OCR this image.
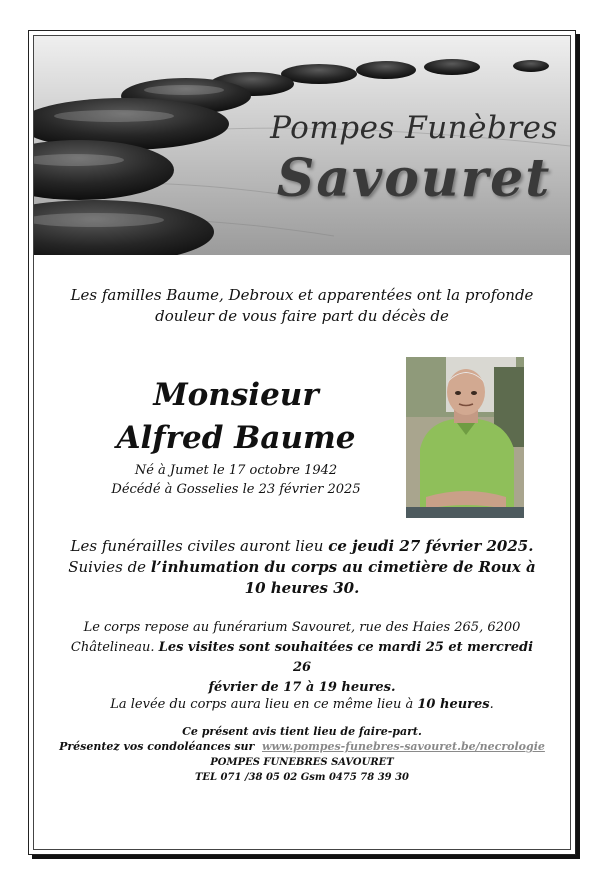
Pompes Funèbres
Savouret
Les familles Baume, Debroux et apparentées ont la profonde
douleur de vous faire part du décès de
Monsieur
Alfred Baume
Né à Jumet le 17 octobre 1942
Décédé à Gosselies le 23 février 2025
Les funérailles civiles auront lieu ce jeudi 27 février 2025.
Suivies de l’inhumation du corps au cimetière de Roux à
10 heures 30.
Le corps repose au funérarium Savouret, rue des Haies 265, 6200
Châtelineau. Les visites sont souhaitées ce mardi 25 et mercredi 26
février de 17 à 19 heures.
La levée du corps aura lieu en ce même lieu à 10 heures.
Ce présent avis tient lieu de faire-part.
Présentez vos condoléances sur www.pompes-funebres-savouret.be/necrologie
POMPES FUNEBRES SAVOURET
TEL 071 /38 05 02 Gsm 0475 78 39 30
